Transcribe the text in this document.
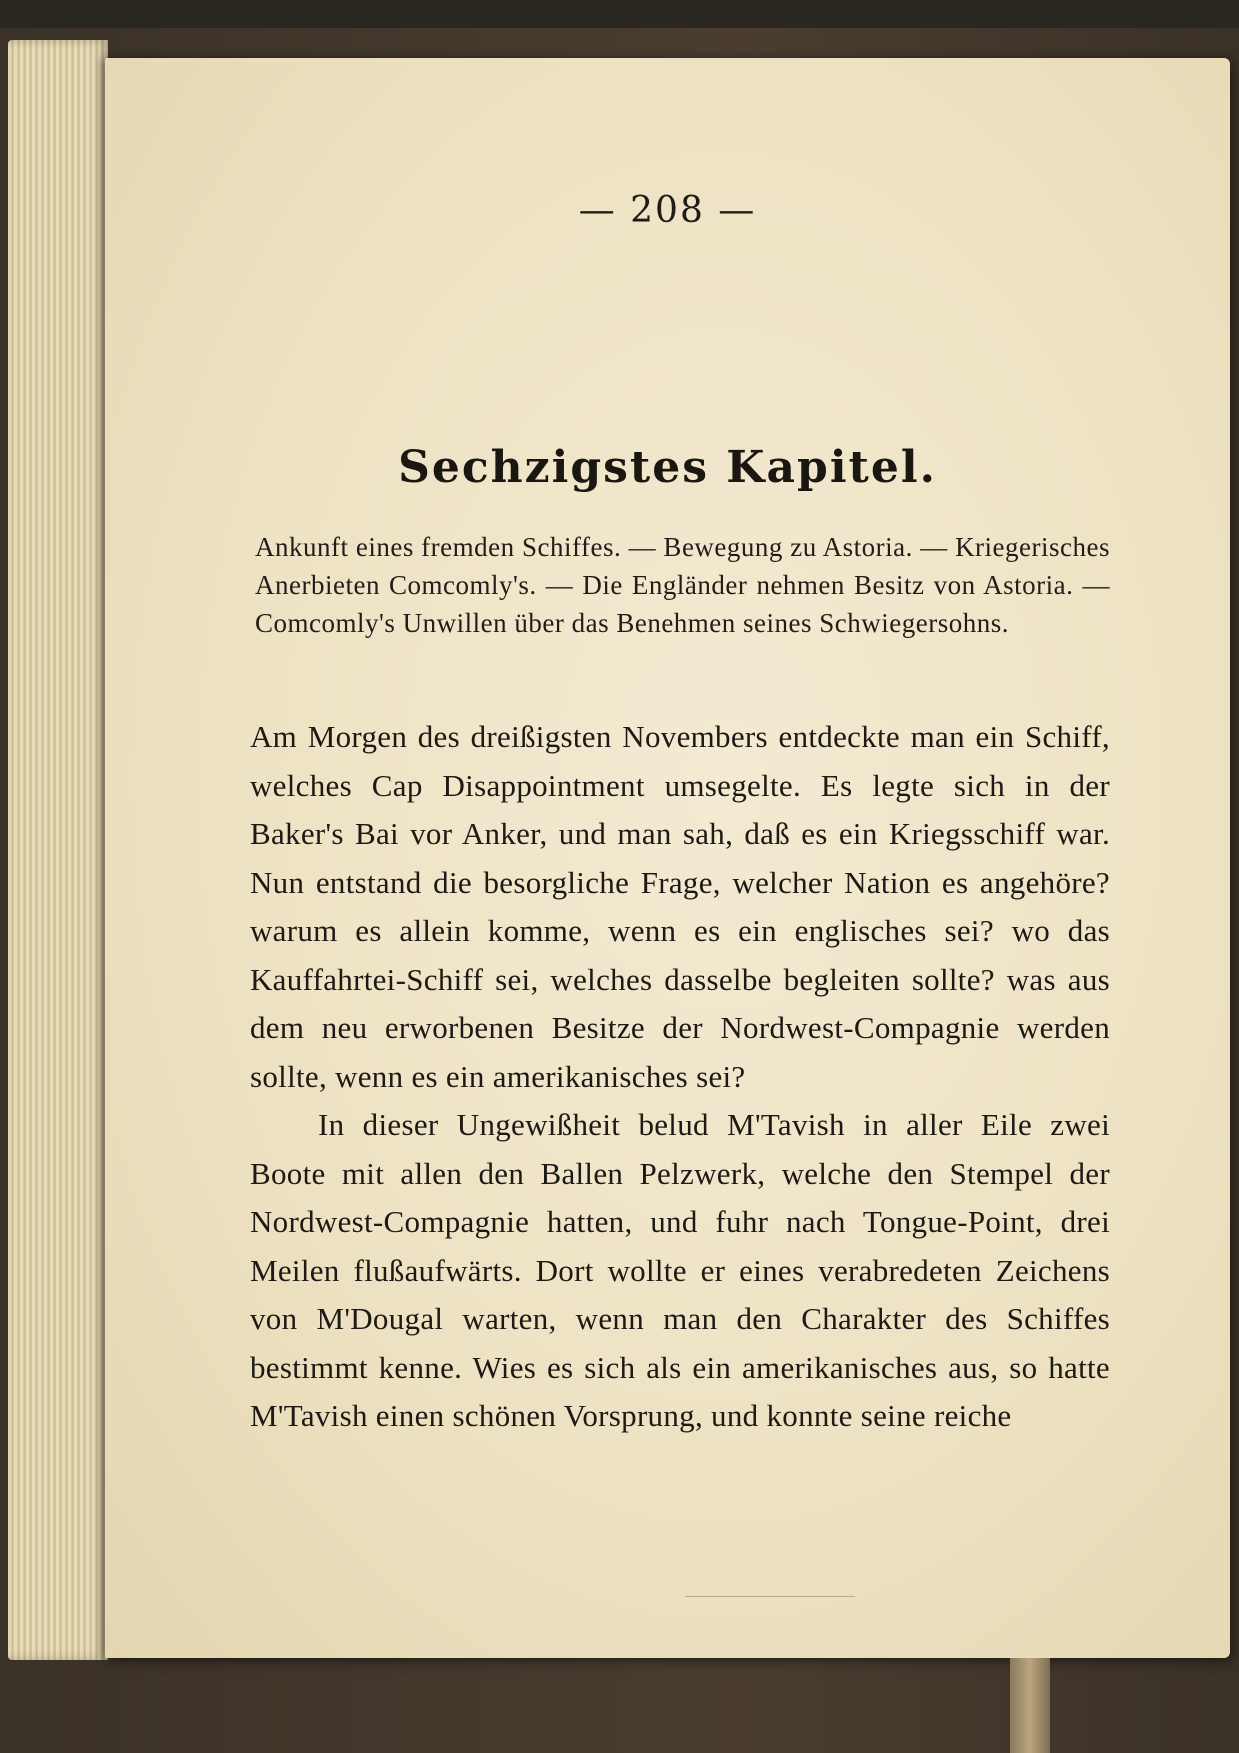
— 208 —
Sechzigstes Kapitel.
Ankunft eines fremden Schiffes. — Bewegung zu Astoria. — Kriegerisches Anerbieten Comcomly's. — Die Engländer nehmen Besitz von Astoria. — Comcomly's Unwillen über das Benehmen seines Schwiegersohns.

Am Morgen des dreißigsten Novembers entdeckte man ein Schiff, welches Cap Disappointment umsegelte. Es legte sich in der Baker's Bai vor Anker, und man sah, daß es ein Kriegsschiff war. Nun entstand die besorgliche Frage, welcher Nation es angehöre? warum es allein komme, wenn es ein englisches sei? wo das Kauffahrtei-Schiff sei, welches dasselbe begleiten sollte? was aus dem neu erworbenen Besitze der Nordwest-Compagnie werden sollte, wenn es ein amerikanisches sei?

In dieser Ungewißheit belud M'Tavish in aller Eile zwei Boote mit allen den Ballen Pelzwerk, welche den Stempel der Nordwest-Compagnie hatten, und fuhr nach Tongue-Point, drei Meilen flußaufwärts. Dort wollte er eines verabredeten Zeichens von M'Dougal warten, wenn man den Charakter des Schiffes bestimmt kenne. Wies es sich als ein amerikanisches aus, so hatte M'Tavish einen schönen Vorsprung, und konnte seine reiche
